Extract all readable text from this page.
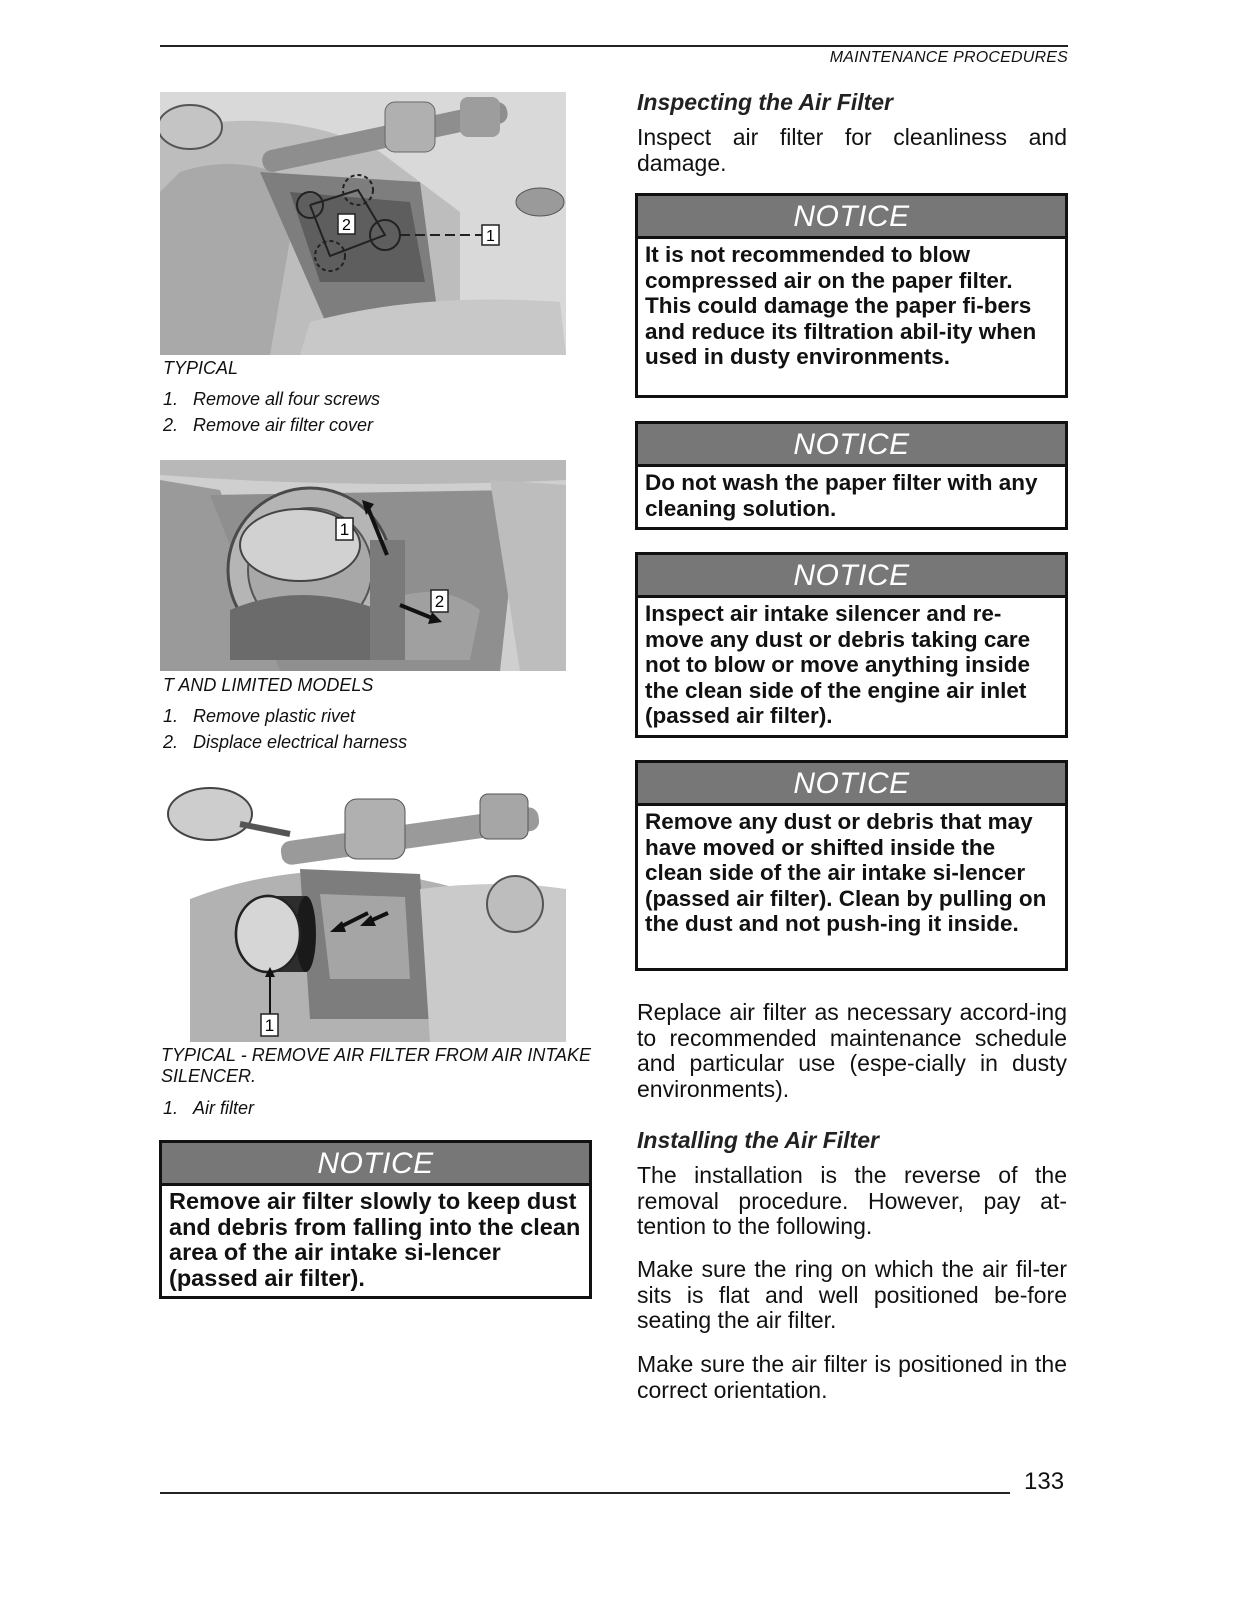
MAINTENANCE PROCEDURES
2
1
TYPICAL
1. Remove all four screws
2. Remove air filter cover
1
2
T AND LIMITED MODELS
1. Remove plastic rivet
2. Displace electrical harness
1
TYPICAL - REMOVE AIR FILTER FROM AIR INTAKE SILENCER.
1. Air filter
NOTICE
Remove air filter slowly to keep dust and debris from falling into the clean area of the air intake si-lencer (passed air filter).
Inspecting the Air Filter
Inspect air filter for cleanliness and damage.
NOTICE
It is not recommended to blow compressed air on the paper filter. This could damage the paper fi-bers and reduce its filtration abil-ity when used in dusty environments.
NOTICE
Do not wash the paper filter with any cleaning solution.
NOTICE
Inspect air intake silencer and re-move any dust or debris taking care not to blow or move anything inside the clean side of the engine air inlet (passed air filter).
NOTICE
Remove any dust or debris that may have moved or shifted inside the clean side of the air intake si-lencer (passed air filter). Clean by pulling on the dust and not push-ing it inside.
Replace air filter as necessary accord-ing to recommended maintenance schedule and particular use (espe-cially in dusty environments).
Installing the Air Filter
The installation is the reverse of the removal procedure. However, pay at-tention to the following.
Make sure the ring on which the air fil-ter sits is flat and well positioned be-fore seating the air filter.
Make sure the air filter is positioned in the correct orientation.
133
